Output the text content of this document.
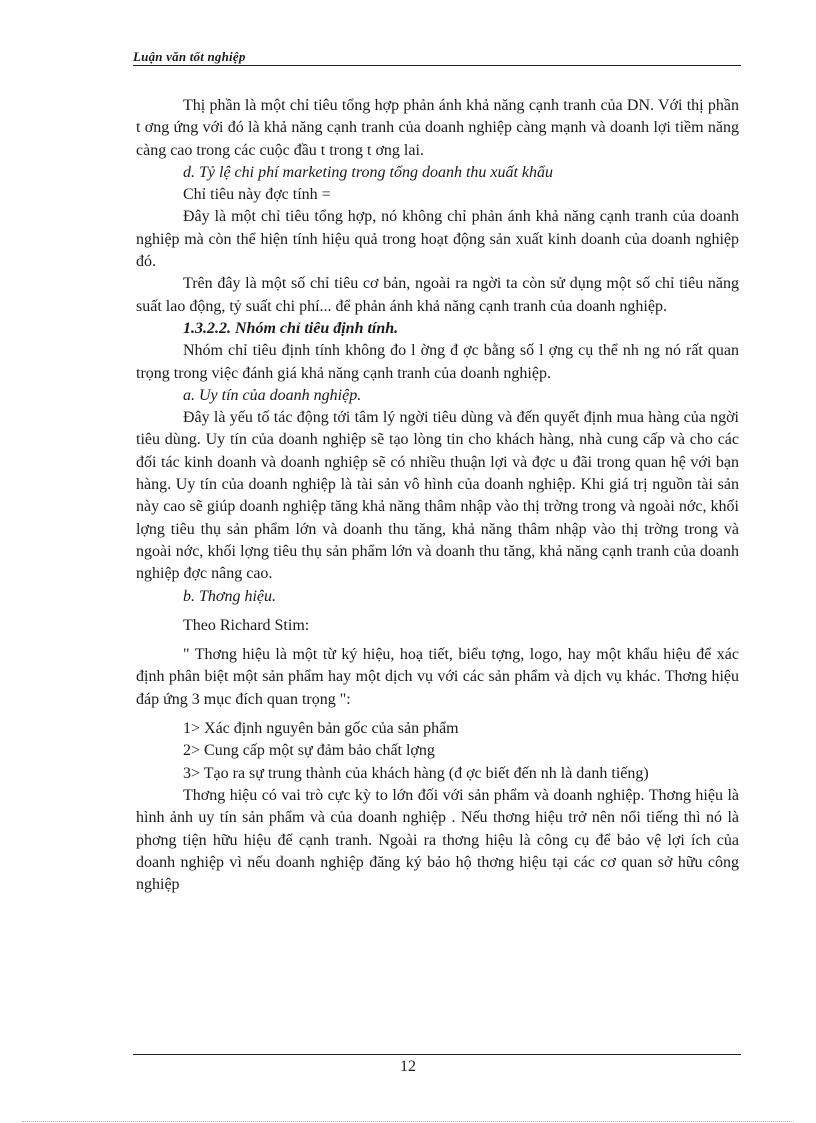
Luận văn tốt nghiệp

Thị phần là một chỉ tiêu tổng hợp phản ánh khả năng cạnh tranh của DN. Với thị phần t ơng ứng với đó là khả năng cạnh tranh của doanh nghiệp càng mạnh và doanh lợi tiềm năng càng cao trong các cuộc đầu t trong t ơng lai.

d. Tỷ lệ chi phí marketing trong tổng doanh thu xuất khẩu

Chỉ tiêu này đợc tính =

Đây là một chỉ tiêu tổng hợp, nó không chỉ phản ánh khả năng cạnh tranh của doanh nghiệp mà còn thể hiện tính hiệu quả trong hoạt động sản xuất kinh doanh của doanh nghiệp đó.

Trên đây là một số chỉ tiêu cơ bản, ngoài ra ngời ta còn sử dụng một số chỉ tiêu năng suất lao động, tỷ suất chi phí... để phản ánh khả năng cạnh tranh của doanh nghiệp.

1.3.2.2. Nhóm chỉ tiêu định tính.

Nhóm chỉ tiêu định tính không đo l ờng đ ợc bằng số l ợng cụ thể nh ng nó rất quan trọng trong việc đánh giá khả năng cạnh tranh của doanh nghiệp.

a. Uy tín của doanh nghiệp.

Đây là yếu tố tác động tới tâm lý ngời tiêu dùng và đến quyết định mua hàng của ngời tiêu dùng. Uy tín của doanh nghiệp sẽ tạo lòng tin cho khách hàng, nhà cung cấp và cho các đối tác kinh doanh và doanh nghiệp sẽ có nhiều thuận lợi và đợc u đãi trong quan hệ với bạn hàng. Uy tín của doanh nghiệp là tài sản vô hình của doanh nghiệp. Khi giá trị nguồn tài sản này cao sẽ giúp doanh nghiệp tăng khả năng thâm nhập vào thị trờng trong và ngoài nớc, khối lợng tiêu thụ sản phẩm lớn và doanh thu tăng, khả năng thâm nhập vào thị trờng trong và ngoài nớc, khối lợng tiêu thụ sản phẩm lớn và doanh thu tăng, khả năng cạnh tranh của doanh nghiệp đợc nâng cao.

b. Thơng hiệu.

Theo Richard Stim:

" Thơng hiệu là một từ ký hiệu, hoạ tiết, biểu tợng, logo, hay một khẩu hiệu để xác định phân biệt một sản phẩm hay một dịch vụ với các sản phẩm và dịch vụ khác. Thơng hiệu đáp ứng 3 mục đích quan trọng ":

1> Xác định nguyên bản gốc của sản phẩm

2> Cung cấp một sự đảm bảo chất lợng

3> Tạo ra sự trung thành của khách hàng (đ ợc biết đến nh là danh tiếng)

Thơng hiệu có vai trò cực kỳ to lớn đối với sản phẩm và doanh nghiệp. Thơng hiệu là hình ảnh uy tín sản phẩm và của doanh nghiệp . Nếu thơng hiệu trở nên nổi tiếng thì nó là phơng tiện hữu hiệu để cạnh tranh. Ngoài ra thơng hiệu là công cụ để bảo vệ lợi ích của doanh nghiệp vì nếu doanh nghiệp đăng ký bảo hộ thơng hiệu tại các cơ quan sở hữu công nghiệp

12
